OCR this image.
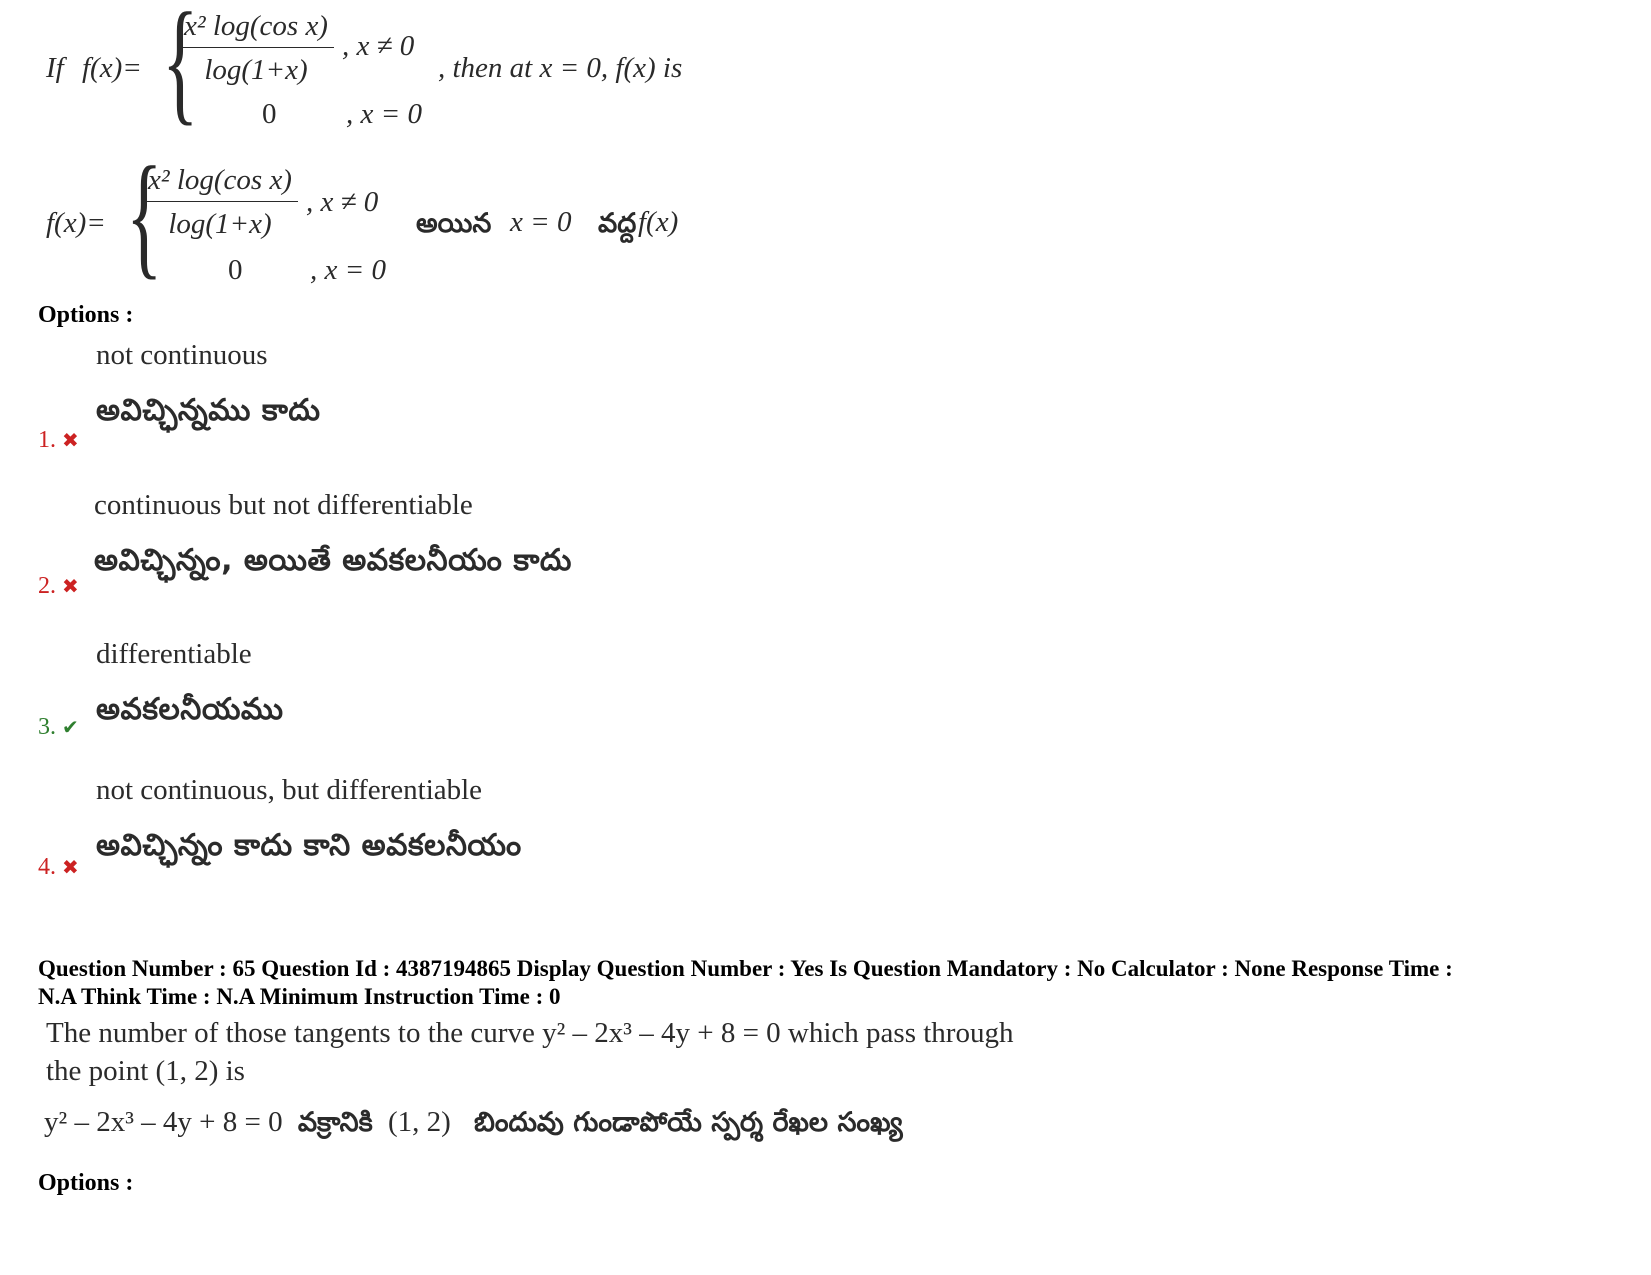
If f(x)= {
$\frac{\text{x² log(cos x)}}{\log(1+x)}$ , x ≠ 0
0 , x = 0
, then at x = 0, f(x) is
f(x)= {
$\frac{\text{x² log(cos x)}}{\log(1+x)}$ , x ≠ 0
0 , x = 0
అయిన x = 0 వద్ద f(x)
Options :
not continuous
అవిచ్ఛిన్నము కాదు
1. ✖
continuous but not differentiable
అవిచ్ఛిన్నం, అయితే అవకలనీయం కాదు
2. ✖
differentiable
అవకలనీయము
3. ✔
not continuous, but differentiable
అవిచ్ఛిన్నం కాదు కాని అవకలనీయం
4. ✖
Question Number : 65 Question Id : 4387194865 Display Question Number : Yes Is Question Mandatory : No Calculator : None Response Time :
N.A Think Time : N.A Minimum Instruction Time : 0
The number of those tangents to the curve y² – 2x³ – 4y + 8 = 0 which pass through
the point (1, 2) is
y² – 2x³ – 4y + 8 = 0 వక్రానికి (1, 2) బిందువు గుండాపోయే స్పర్శ రేఖల సంఖ్య
Options :
